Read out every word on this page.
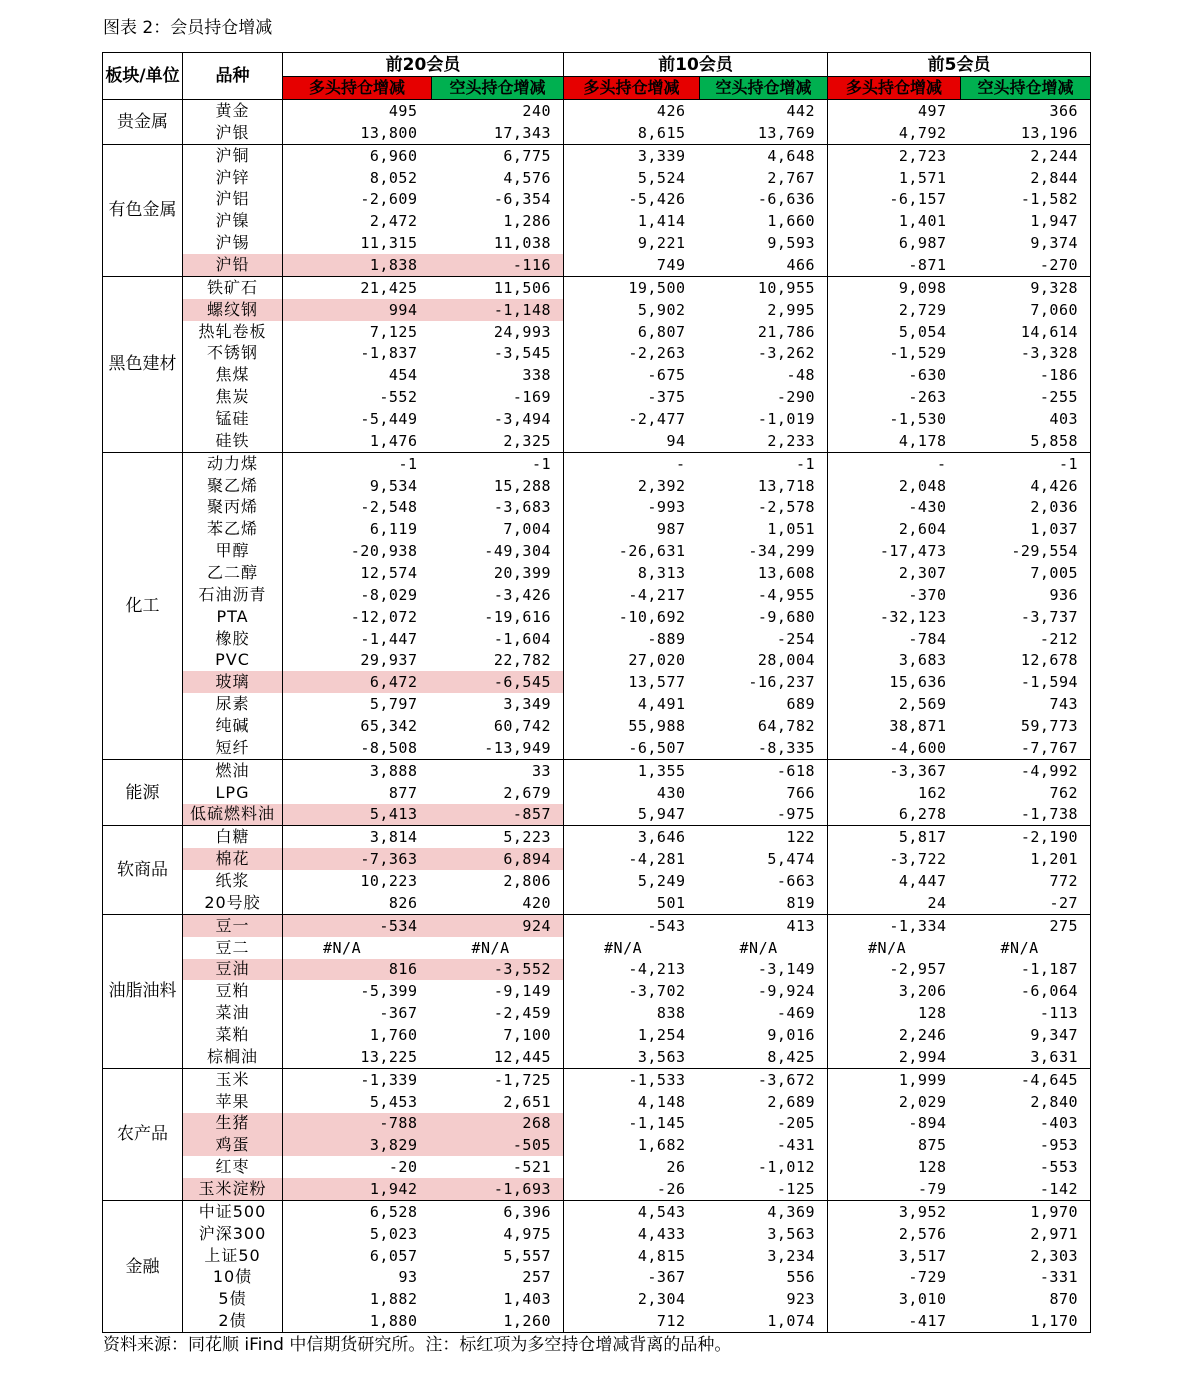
图表 2：会员持仓增减
板块/单位	品种	前20会员		前10会员		前5会员	
		多头持仓增减	空头持仓增减	多头持仓增减	空头持仓增减	多头持仓增减	空头持仓增减
贵金属	黄金	495	240	426	442	497	366
	沪银	13,800	17,343	8,615	13,769	4,792	13,196
有色金属	沪铜	6,960	6,775	3,339	4,648	2,723	2,244
	沪锌	8,052	4,576	5,524	2,767	1,571	2,844
	沪铝	-2,609	-6,354	-5,426	-6,636	-6,157	-1,582
	沪镍	2,472	1,286	1,414	1,660	1,401	1,947
	沪锡	11,315	11,038	9,221	9,593	6,987	9,374
	沪铅	1,838	-116	749	466	-871	-270
黑色建材	铁矿石	21,425	11,506	19,500	10,955	9,098	9,328
	螺纹钢	994	-1,148	5,902	2,995	2,729	7,060
	热轧卷板	7,125	24,993	6,807	21,786	5,054	14,614
	不锈钢	-1,837	-3,545	-2,263	-3,262	-1,529	-3,328
	焦煤	454	338	-675	-48	-630	-186
	焦炭	-552	-169	-375	-290	-263	-255
	锰硅	-5,449	-3,494	-2,477	-1,019	-1,530	403
	硅铁	1,476	2,325	94	2,233	4,178	5,858
化工	动力煤	-1	-1	-	-1	-	-1
	聚乙烯	9,534	15,288	2,392	13,718	2,048	4,426
	聚丙烯	-2,548	-3,683	-993	-2,578	-430	2,036
	苯乙烯	6,119	7,004	987	1,051	2,604	1,037
	甲醇	-20,938	-49,304	-26,631	-34,299	-17,473	-29,554
	乙二醇	12,574	20,399	8,313	13,608	2,307	7,005
	石油沥青	-8,029	-3,426	-4,217	-4,955	-370	936
	PTA	-12,072	-19,616	-10,692	-9,680	-32,123	-3,737
	橡胶	-1,447	-1,604	-889	-254	-784	-212
	PVC	29,937	22,782	27,020	28,004	3,683	12,678
	玻璃	6,472	-6,545	13,577	-16,237	15,636	-1,594
	尿素	5,797	3,349	4,491	689	2,569	743
	纯碱	65,342	60,742	55,988	64,782	38,871	59,773
	短纤	-8,508	-13,949	-6,507	-8,335	-4,600	-7,767
能源	燃油	3,888	33	1,355	-618	-3,367	-4,992
	LPG	877	2,679	430	766	162	762
	低硫燃料油	5,413	-857	5,947	-975	6,278	-1,738
软商品	白糖	3,814	5,223	3,646	122	5,817	-2,190
	棉花	-7,363	6,894	-4,281	5,474	-3,722	1,201
	纸浆	10,223	2,806	5,249	-663	4,447	772
	20号胶	826	420	501	819	24	-27
油脂油料	豆一	-534	924	-543	413	-1,334	275
	豆二	#N/A	#N/A	#N/A	#N/A	#N/A	#N/A
	豆油	816	-3,552	-4,213	-3,149	-2,957	-1,187
	豆粕	-5,399	-9,149	-3,702	-9,924	3,206	-6,064
	菜油	-367	-2,459	838	-469	128	-113
	菜粕	1,760	7,100	1,254	9,016	2,246	9,347
	棕榈油	13,225	12,445	3,563	8,425	2,994	3,631
农产品	玉米	-1,339	-1,725	-1,533	-3,672	1,999	-4,645
	苹果	5,453	2,651	4,148	2,689	2,029	2,840
	生猪	-788	268	-1,145	-205	-894	-403
	鸡蛋	3,829	-505	1,682	-431	875	-953
	红枣	-20	-521	26	-1,012	128	-553
	玉米淀粉	1,942	-1,693	-26	-125	-79	-142
金融	中证500	6,528	6,396	4,543	4,369	3,952	1,970
	沪深300	5,023	4,975	4,433	3,563	2,576	2,971
	上证50	6,057	5,557	4,815	3,234	3,517	2,303
	10债	93	257	-367	556	-729	-331
	5债	1,882	1,403	2,304	923	3,010	870
	2债	1,880	1,260	712	1,074	-417	1,170
资料来源：同花顺 iFind 中信期货研究所。注：标红项为多空持仓增减背离的品种。
